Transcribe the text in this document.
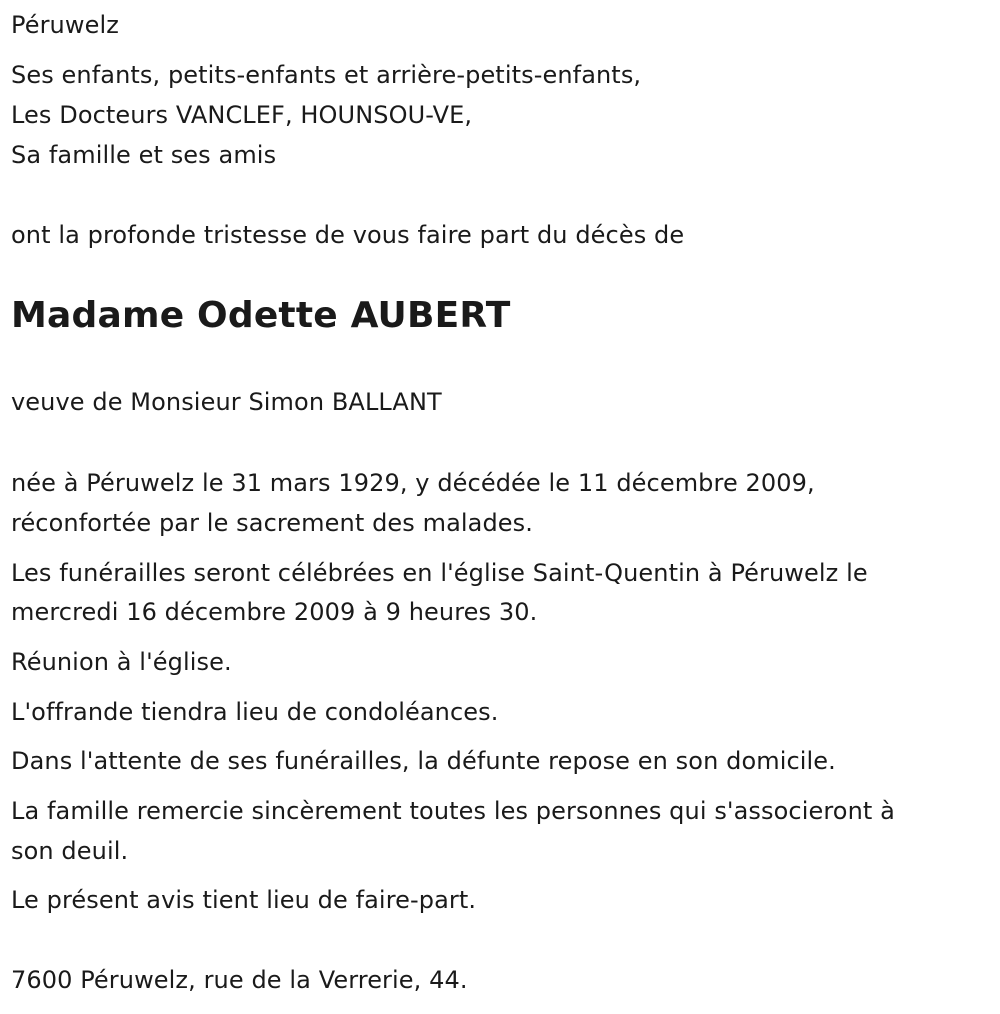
Péruwelz
Ses enfants, petits-enfants et arrière-petits-enfants,
Les Docteurs VANCLEF, HOUNSOU-VE,
Sa famille et ses amis
ont la profonde tristesse de vous faire part du décès de
Madame Odette AUBERT
veuve de Monsieur Simon BALLANT
née à Péruwelz le 31 mars 1929, y décédée le 11 décembre 2009,
réconfortée par le sacrement des malades.
Les funérailles seront célébrées en l'église Saint-Quentin à Péruwelz le
mercredi 16 décembre 2009 à 9 heures 30.
Réunion à l'église.
L'offrande tiendra lieu de condoléances.
Dans l'attente de ses funérailles, la défunte repose en son domicile.
La famille remercie sincèrement toutes les personnes qui s'associeront à
son deuil.
Le présent avis tient lieu de faire-part.
7600 Péruwelz, rue de la Verrerie, 44.
